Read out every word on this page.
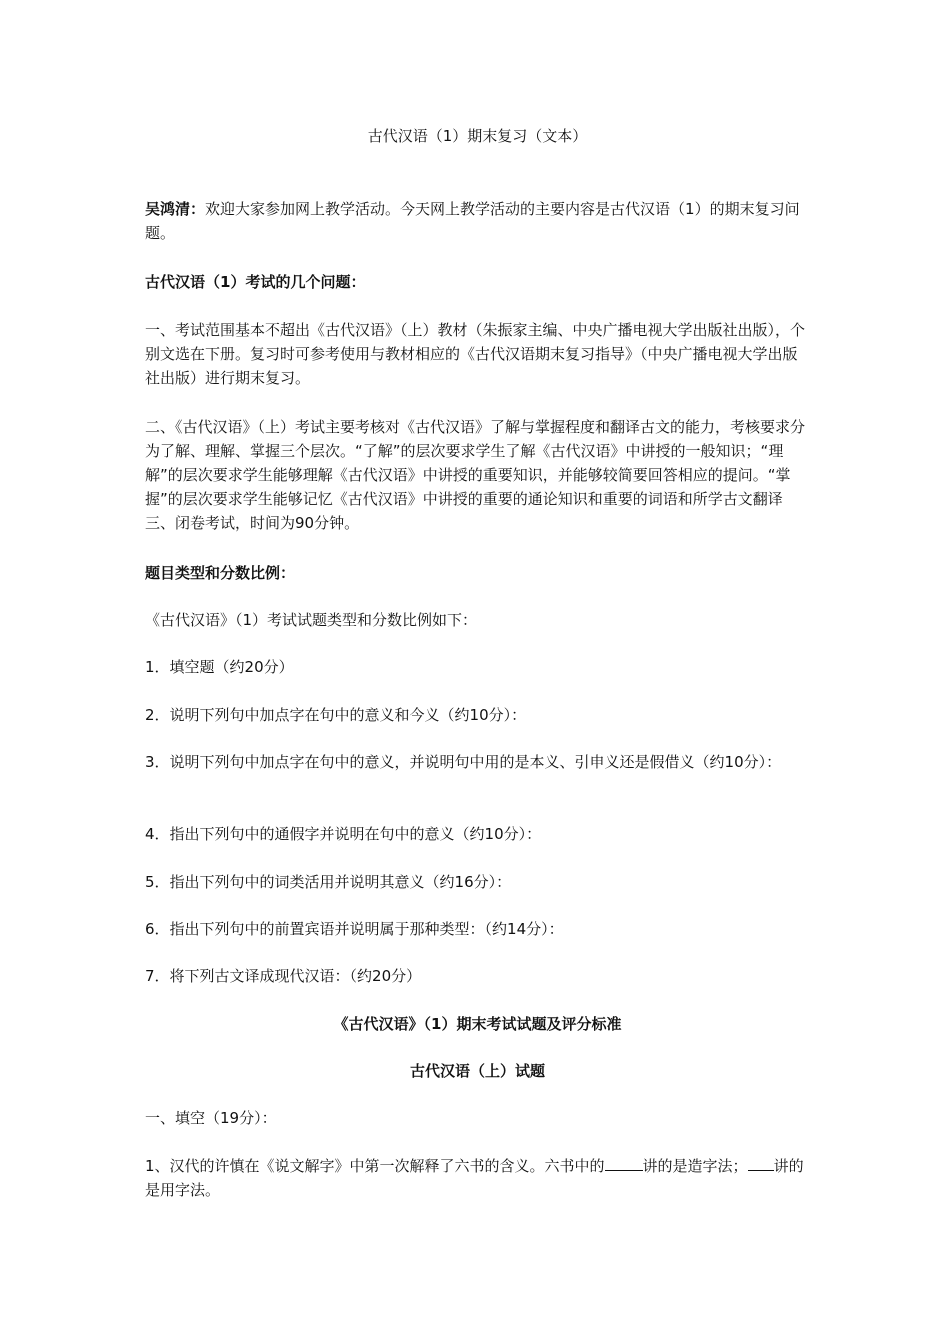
古代汉语（1）期末复习（文本）
吴鸿清：欢迎大家参加网上教学活动。今天网上教学活动的主要内容是古代汉语（1）的期末复习问题。
古代汉语（1）考试的几个问题：
一、考试范围基本不超出《古代汉语》（上）教材（朱振家主编、中央广播电视大学出版社出版），个别文选在下册。复习时可参考使用与教材相应的《古代汉语期末复习指导》（中央广播电视大学出版社出版）进行期末复习。
二、《古代汉语》（上）考试主要考核对《古代汉语》了解与掌握程度和翻译古文的能力，考核要求分为了解、理解、掌握三个层次。“了解”的层次要求学生了解《古代汉语》中讲授的一般知识；“理解”的层次要求学生能够理解《古代汉语》中讲授的重要知识，并能够较简要回答相应的提问。“掌握”的层次要求学生能够记忆《古代汉语》中讲授的重要的通论知识和重要的词语和所学古文翻译三、闭卷考试，时间为90分钟。
题目类型和分数比例：
《古代汉语》（1）考试试题类型和分数比例如下：
1．填空题（约20分）
2．说明下列句中加点字在句中的意义和今义（约10分）：
3．说明下列句中加点字在句中的意义，并说明句中用的是本义、引申义还是假借义（约10分）：
4．指出下列句中的通假字并说明在句中的意义（约10分）：
5．指出下列句中的词类活用并说明其意义（约16分）：
6．指出下列句中的前置宾语并说明属于那种类型：（约14分）：
7．将下列古文译成现代汉语：（约20分）
《古代汉语》（1）期末考试试题及评分标准
古代汉语（上）试题
一、填空（19分）：
1、汉代的许慎在《说文解字》中第一次解释了六书的含义。六书中的	讲的是造字法； 讲的是用字法。
